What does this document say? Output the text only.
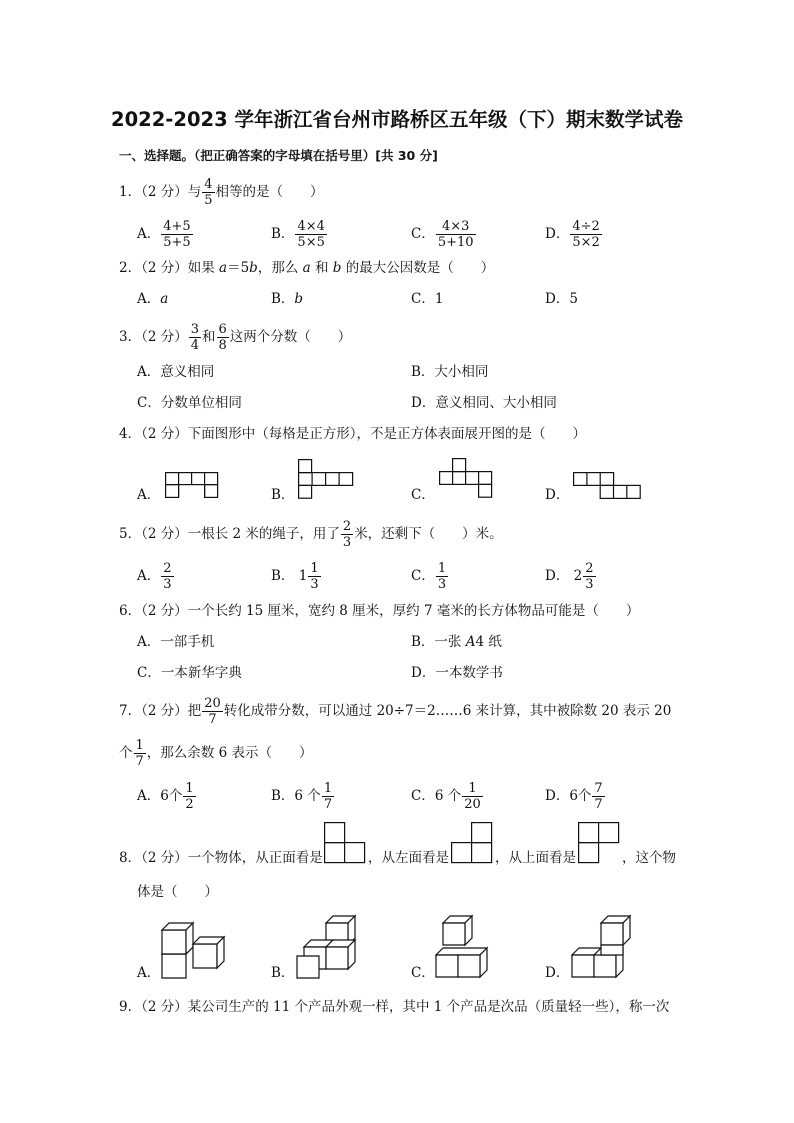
2022-2023 学年浙江省台州市路桥区五年级（下）期末数学试卷
一、选择题。（把正确答案的字母填在括号里）[共 30 分]
1．（2 分）与 $\frac{4}{5}$ 相等的是（　　）
A． $\frac{4+5}{5+5}$	B． $\frac{4\times 4}{5\times 5}$	C． $\frac{4\times 3}{5+10}$	D． $\frac{4\div 2}{5\times 2}$
2．（2 分）如果 a＝5b，那么 a 和 b 的最大公因数是（　　）
A．a	B．b	C．1	D．5
3．（2 分） $\frac{3}{4}$ 和 $\frac{6}{8}$ 这两个分数（　　）
A．意义相同	B．大小相同
C．分数单位相同	D．意义相同、大小相同
4．（2 分）下面图形中（每格是正方形），不是正方体表面展开图的是（　　）
A．	B．	C．	D．
5．（2 分）一根长 2 米的绳子，用了 $\frac{2}{3}$ 米，还剩下（　　）米。
A． $\frac{2}{3}$	B． $1 \frac{1}{3}$	C． $\frac{1}{3}$	D． $2 \frac{2}{3}$
6．（2 分）一个长约 15 厘米，宽约 8 厘米，厚约 7 毫米的长方体物品可能是（　　）
A．一部手机	B．一张 A4 纸
C．一本新华字典	D．一本数学书
7．（2 分）把 $\frac{20}{7}$ 转化成带分数，可以通过 20÷7＝2……6 来计算，其中被除数 20 表示 20
个 $\frac{1}{7}$ ，那么余数 6 表示（　　）
A．6个 $\frac{1}{2}$	B．6 个 $\frac{1}{7}$	C．6 个 $\frac{1}{20}$	D．6个 $\frac{7}{7}$
8．（2 分）一个物体，从正面看是	，从左面看是	，从上面看是	，这个物
体是（　　）
A．	B．	C．	D．
9．（2 分）某公司生产的 11 个产品外观一样，其中 1 个产品是次品（质量轻一些），称一次
